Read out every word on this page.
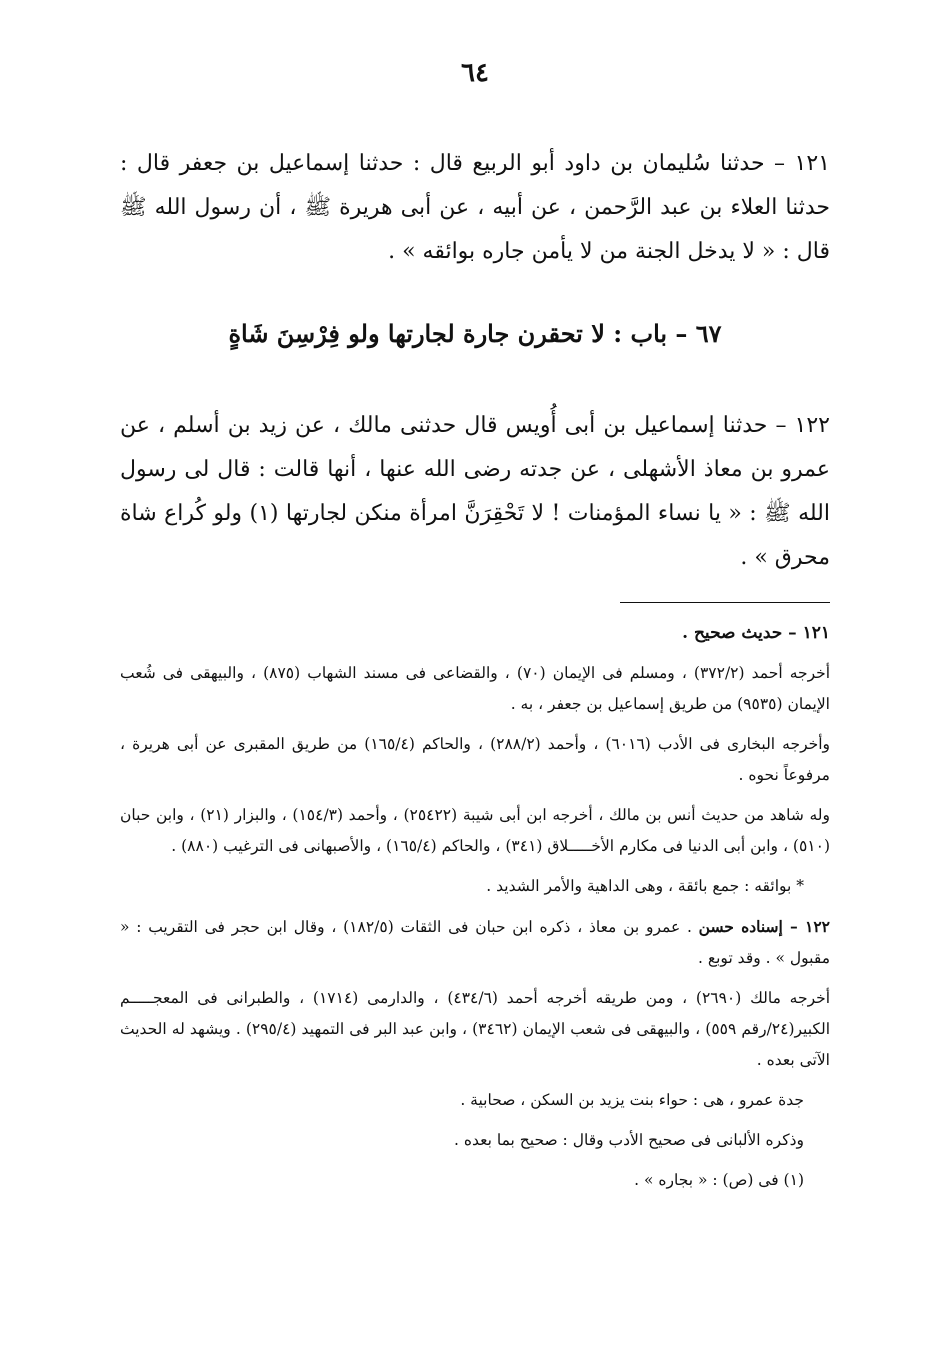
٦٤

١٢١ – حدثنا سُليمان بن داود أبو الربيع قال : حدثنا إسماعيل بن جعفر قال : حدثنا العلاء بن عبد الرَّحمن ، عن أبيه ، عن أبى هريرة ﷺ ، أن رسول الله ﷺ قال : « لا يدخل الجنة من لا يأمن جاره بوائقه » .

٦٧ – باب : لا تحقرن جارة لجارتها ولو فِرْسِنَ شَاةٍ

١٢٢ – حدثنا إسماعيل بن أبى أُويس قال حدثنى مالك ، عن زيد بن أسلم ، عن عمرو بن معاذ الأشهلى ، عن جدته رضى الله عنها ، أنها قالت : قال لى رسول الله ﷺ : « يا نساء المؤمنات ! لا تَحْقِرَنَّ امرأة منكن لجارتها (١) ولو كُراع شاة محرق » .

١٢١ – حديث صحيح .

أخرجه أحمد (٣٧٢/٢) ، ومسلم فى الإيمان (٧٠) ، والقضاعى فى مسند الشهاب (٨٧٥) ، والبيهقى فى شُعب الإيمان (٩٥٣٥) من طريق إسماعيل بن جعفر ، به .

وأخرجه البخارى فى الأدب (٦٠١٦) ، وأحمد (٢٨٨/٢) ، والحاكم (١٦٥/٤) من طريق المقبرى عن أبى هريرة ، مرفوعاً نحوه .

وله شاهد من حديث أنس بن مالك ، أخرجه ابن أبى شيبة (٢٥٤٢٢) ، وأحمد (١٥٤/٣) ، والبزار (٢١) ، وابن حبان (٥١٠) ، وابن أبى الدنيا فى مكارم الأخـــــلاق (٣٤١) ، والحاكم (١٦٥/٤) ، والأصبهانى فى الترغيب (٨٨٠) .

* بوائقه : جمع بائقة ، وهى الداهية والأمر الشديد .

١٢٢ – إسناده حسن . عمرو بن معاذ ، ذكره ابن حبان فى الثقات (١٨٢/٥) ، وقال ابن حجر فى التقريب : « مقبول » . وقد توبع .

أخرجه مالك (٢٦٩٠) ، ومن طريقه أخرجه أحمد (٤٣٤/٦) ، والدارمى (١٧١٤) ، والطبرانى فى المعجـــــم الكبير(٢٤/رقم ٥٥٩) ، والبيهقى فى شعب الإيمان (٣٤٦٢) ، وابن عبد البر فى التمهيد (٢٩٥/٤) . ويشهد له الحديث الآتى بعده .

جدة عمرو ، هى : حواء بنت يزيد بن السكن ، صحابية .

وذكره الألبانى فى صحيح الأدب وقال : صحيح بما بعده .

(١) فى (ص) : « بجاره » .
